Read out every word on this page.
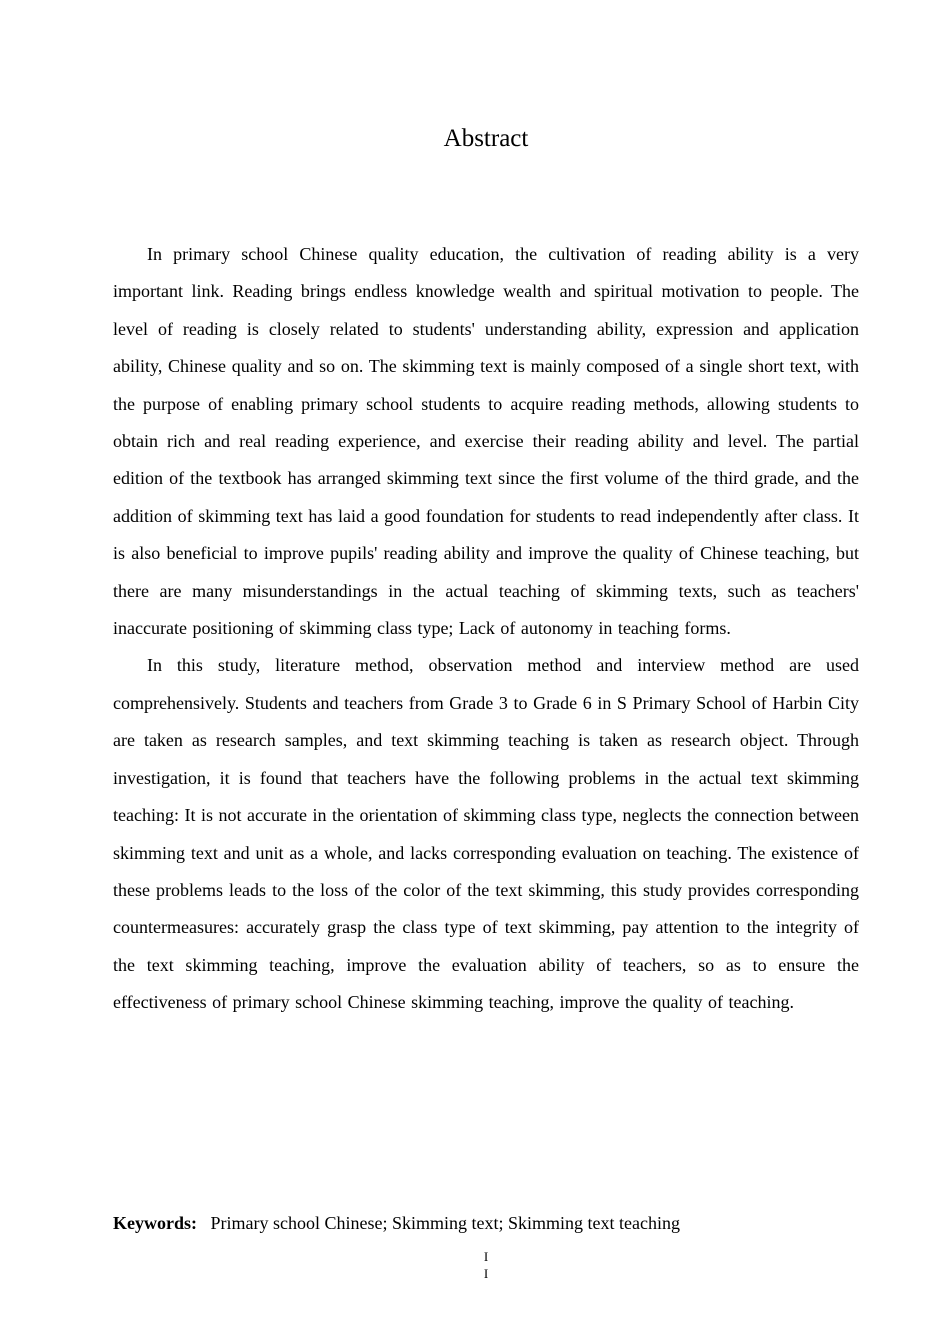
Abstract

In primary school Chinese quality education, the cultivation of reading ability is a very important link. Reading brings endless knowledge wealth and spiritual motivation to people. The level of reading is closely related to students' understanding ability, expression and application ability, Chinese quality and so on. The skimming text is mainly composed of a single short text, with the purpose of enabling primary school students to acquire reading methods, allowing students to obtain rich and real reading experience, and exercise their reading ability and level. The partial edition of the textbook has arranged skimming text since the first volume of the third grade, and the addition of skimming text has laid a good foundation for students to read independently after class. It is also beneficial to improve pupils' reading ability and improve the quality of Chinese teaching, but there are many misunderstandings in the actual teaching of skimming texts, such as teachers' inaccurate positioning of skimming class type; Lack of autonomy in teaching forms.

In this study, literature method, observation method and interview method are used comprehensively. Students and teachers from Grade 3 to Grade 6 in S Primary School of Harbin City are taken as research samples, and text skimming teaching is taken as research object. Through investigation, it is found that teachers have the following problems in the actual text skimming teaching: It is not accurate in the orientation of skimming class type, neglects the connection between skimming text and unit as a whole, and lacks corresponding evaluation on teaching. The existence of these problems leads to the loss of the color of the text skimming, this study provides corresponding countermeasures: accurately grasp the class type of text skimming, pay attention to the integrity of the text skimming teaching, improve the evaluation ability of teachers, so as to ensure the effectiveness of primary school Chinese skimming teaching, improve the quality of teaching.

Keywords: Primary school Chinese; Skimming text; Skimming text teaching

I
I
